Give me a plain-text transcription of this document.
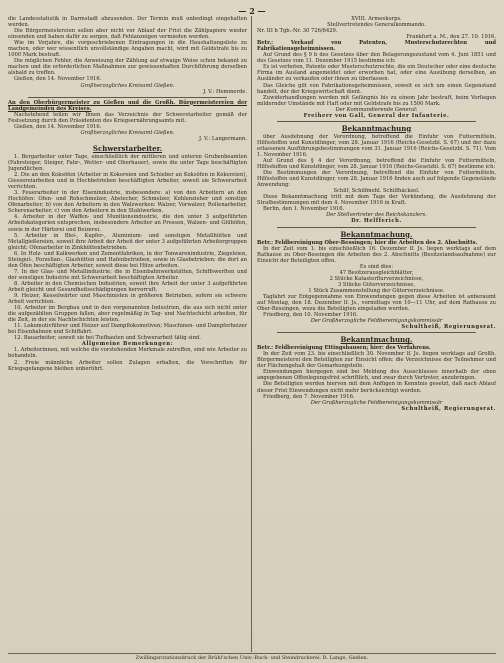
— 2 —

die Landesstatistik in Darmstadt abzusenden. Der Termin muß unbedingt eingehalten werden.

Die Bürgermeistereien sollen aber nicht vor Ablauf der Frist die Zählpapiere wieder einsenden und haben dafür zu sorgen, daß Fehlanzeigen vermieden werden.

Wie im Vorjahre, die vorgeschriebenen Eintragungen in die Haushaltungsliste zu machen, oder wer wissentlich unvollständige Angaben macht, wird mit Geldstrafe bis zu 1000 Mark bestraft.

Die möglichen Fehler, die Anweisung der Zählung auf etwaige Weise schon bekannt zu machen und die erforderlichen Maßnahmen zur gewissenhaften Durchführung derselben alsbald zu treffen.

Gießen, den 14. November 1916.

Großherzogliches Kreisamt Gießen.

J. V.: Hemmerde.

An den Oberbürgermeister zu Gießen und die Großh. Bürgermeistereien der Landgemeinden des Kreises.

Nachstehend teilen wir Ihnen das Verzeichnis der Schwerstarbeiter gemäß der Festsetzung durch den Präsidenten des Kriegsernährungsamts mit.

Gießen, den 14. November 1916.

Großherzogliches Kreisamt Gießen.

J. V.: Langermann.

Schwerstarbeiter.

1. Bergarbeiter unter Tage, einschließlich der mittleren und unteren Grubenbeamten (Fahrsteiger, Steiger, Fahr-, Wetter- und Oberhauer), sowie die unter Tage beschäftigten Jugendlichen.

2. Die an den Koksöfen (Arbeiter in Kokereien und Schieber an Koksöfen in Kokereien), Giessereiarbeiten und in Hochbetrieben beschäftigten Arbeiter, soweit sie Schwerarbeit verrichten.

3. Feuerarbeiter in der Eisenindustrie, insbesondere: a) von den Arbeitern an den Hochöfen: Ofen- und Rohschmelzer, Abstecher, Schmelzer, Kohlenzieher und sonstige Ofenarbeiter; b) von den Arbeitern in den Walzwerken: Walzer, Vorwalzer, Rollenarbeiter, Scherenarbeiter; c) von den Arbeitern in den Stahlwerken.

4. Arbeiter in der Waffen- und Munitionsindustrie, die den unter 3 aufgeführten Arbeitskategorien entsprechen, insbesondere Arbeiter an Pressen, Walzen- und Glühöfen, sowie in der Härterei und Beizerei.

5. Arbeiter in Blei-, Kupfer-, Aluminium- und sonstigen Metallhütten und Metallgießereien, soweit ihre Arbeit der Arbeit der unter 3 aufgeführten Arbeitergruppen gleicht; Ofenarbeiter in Zinkhüttenbetrieben.

6. In Holz- und Kalkwerken und Zementfabriken, in der Tonwarenindustrie, Ziegeleien, Steingut-, Porzellan-, Glashütten und Hafenbetrieben, sowie in Glasbetrieben: die dort an den Öfen beschäftigten Arbeiter, soweit diese bei Hitze arbeiten.

7. In der Glas- und Metallindustrie: die in Eisenbahnwerkstätten, Schiffswerften und der sonstigen Industrie mit Schwerarbeit beschäftigten Arbeiter.

8. Arbeiter in den Chemischen Industrien, soweit ihre Arbeit der unter 3 aufgeführten Arbeit gleicht und Gesundheitsschädigungen hervorruft.

9. Heizer, Kesselwärter und Maschinisten in größeren Betrieben, sofern sie schwere Arbeit verrichten.

10. Arbeiter im Bergbau und in den vorgenannten Industrien, die aus sich nicht unter die aufgezählten Gruppen fallen, aber regelmäßig in Tag- und Nachtschicht arbeiten, für die Zeit, in der sie Nachtschichten leisten.

11. Lokomotivführer und Heizer auf Dampflokomotiven; Maschinen- und Dampferheizer bei Eisenbahnen und Schiffahrt.

12. Bauarbeiter, soweit sie bei Tiefbauten und Schwerarbeit tätig sind.

Allgemeine Bemerkungen:

1. Arbeiterinnen, mit welche die vorstehenden Merkmale zutreffen, sind wie Arbeiter zu behandeln.

2. Freie männliche Arbeiter sollen Zulagen erhalten, die Vorschriften für Kriegsgefangene bleiben unberührt.

XVIII. Armeekorps.

Stellvertretendes Generalkommando.

Nr. III b Tgb.-Nr. 30 726/6429.

Frankfurt a. M., den 27. 10. 1916.

Betr.: Verkauf von Patenten, Musterschutzrechten und Fabrikationsgeheimnissen.

Auf Grund des § 9 b des Gesetzes über den Belagerungszustand vom 4. Juni 1851 und des Gesetzes vom 11. Dezember 1915 bestimme ich:

Es ist verboten, Patente oder Musterschutzrechte, die ein Deutscher oder eine deutsche Firma im Ausland angemeldet oder erworben hat, oder eine Ausübung derselben, an Ausländer zu verkaufen oder ihnen zu überlassen.

Das Gleiche gilt von Fabrikationsgeheimnissen, soweit es sich um einen Gegenstand handelt, der der Kriegswirtschaft dient.

Zuwiderhandlungen werden mit Gefängnis bis zu einem Jahr bestraft, beim Vorliegen mildernder Umstände mit Haft oder mit Geldstrafe bis zu 1500 Mark.

Der Kommandierende General:

Freiherr von Gall, General der Infanterie.

Bekanntmachung

über Ausdehnung der Verordnung, betreffend die Einfuhr von Futtermitteln, Hilfsstoffen und Kunstdünger, vom 28. Januar 1916 (Reichs-Gesetzbl. S. 67) und der dazu erlassenen Ausführungsbestimmungen vom 31. Januar 1916 (Reichs-Gesetzbl. S. 71). Vom 1. November 1916.

Auf Grund des § 4 der Verordnung, betreffend die Einfuhr von Futtermitteln, Hilfsstoffen und Kunstdünger, vom 28. Januar 1916 (Reichs-Gesetzbl. S. 67) bestimme ich:

Die Bestimmungen der Verordnung, betreffend die Einfuhr von Futtermitteln, Hilfsstoffen und Kunstdünger, vom 28. Januar 1916 finden auch auf folgende Gegenstände Anwendung:

Schilf, Schilfmehl. Schilfhäcksel.

Diese Bekanntmachung tritt mit dem Tage der Verkündung, die Ausdehnung der Strafbestimmungen mit dem 4. November 1916 in Kraft.

Berlin, den 1. November 1916.

Der Stellvertreter des Reichskanzlers.

Dr. Helfferich.

Bekanntmachung.

Betr.: Feldbereinigung Ober-Bessingen; hier die Arbeiten des 2. Abschnitts.

In der Zeit vom 1. bis einschließlich 16. Dezember lf. Js. liegen werktags auf dem Rathause zu Ober-Bessingen die Arbeiten des 2. Abschnitts (Besitzstandsaufnahme) zur Einsicht der Beteiligten offen.

Es sind dies:

47 Besitzerausgleichblätter,

2 Stücke Katasterflurverzeichnisse,

3 Stücke Güterverzeichnisse,

1 Stück Zusammenstellung der Güterverzeichnisse.

Tagfahrt zur Entgegennahme von Einwendungen gegen diese Arbeiten ist anberaumt auf Montag, den 18. Dezember lf. Js., vormittags von 10—11 Uhr, auf dem Rathause zu Ober-Bessingen, wozu die Beteiligten eingeladen werden.

Friedberg, den 10. November 1916.

Der Großherzogliche Feldbereinigungskommissär

Schultheiß, Regierungsrat.

Bekanntmachung.

Betr.: Feldbereinigung Ettingshausen; hier: des Verfahrens.

In der Zeit vom 23. bis einschließlich 30. November lf. Js. liegen werktags auf Großh. Bürgermeisterei den Beteiligten zur Einsicht offen: die Verzeichnisse der Teilnehmer und der Flächengehalt der Gemarkungsteile.

Einwendungen hiergegen sind bei Meldung des Ausschlusses innerhalb der oben angegebenen Offenlegungsfrist schriftlich, und zwar durch Vertreter, anzubringen.

Die Beteiligten werden hiervon mit dem Anfügen in Kenntnis gesetzt, daß nach Ablauf dieser Frist Einwendungen nicht mehr berücksichtigt werden.

Friedberg, den 7. November 1916.

Der Großherzogliche Feldbereinigungskommissär

Schultheiß, Regierungsrat.

Zwillingsrotationsdruck der Brühl'schen Univ.-Buch- und Steindruckerei. R. Lange, Gießen.
